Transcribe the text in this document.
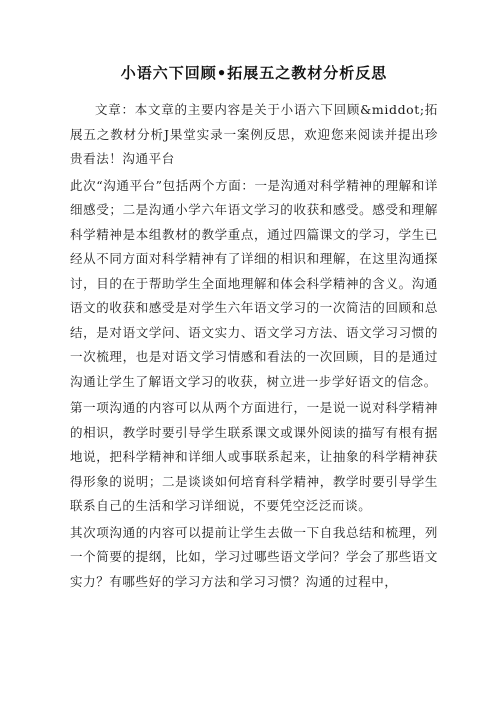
小语六下回顾•拓展五之教材分析反思

文章：本文章的主要内容是关于小语六下回顾&middot;拓展五之教材分析J果堂实录一案例反思，欢迎您来阅读并提出珍贵看法！沟通平台

此次“沟通平台”包括两个方面：一是沟通对科学精神的理解和详细感受；二是沟通小学六年语文学习的收获和感受。感受和理解科学精神是本组教材的教学重点，通过四篇课文的学习，学生已经从不同方面对科学精神有了详细的相识和理解，在这里沟通探讨，目的在于帮助学生全面地理解和体会科学精神的含义。沟通语文的收获和感受是对学生六年语文学习的一次简洁的回顾和总结，是对语文学问、语文实力、语文学习方法、语文学习习惯的一次梳理，也是对语文学习情感和看法的一次回顾，目的是通过沟通让学生了解语文学习的收获，树立进一步学好语文的信念。

第一项沟通的内容可以从两个方面进行，一是说一说对科学精神的相识，教学时要引导学生联系课文或课外阅读的描写有根有据地说，把科学精神和详细人或事联系起来，让抽象的科学精神获得形象的说明；二是谈谈如何培育科学精神，教学时要引导学生联系自己的生活和学习详细说，不要凭空泛泛而谈。

其次项沟通的内容可以提前让学生去做一下自我总结和梳理，列一个简要的提纲，比如，学习过哪些语文学问？学会了那些语文实力？有哪些好的学习方法和学习习惯？沟通的过程中，
